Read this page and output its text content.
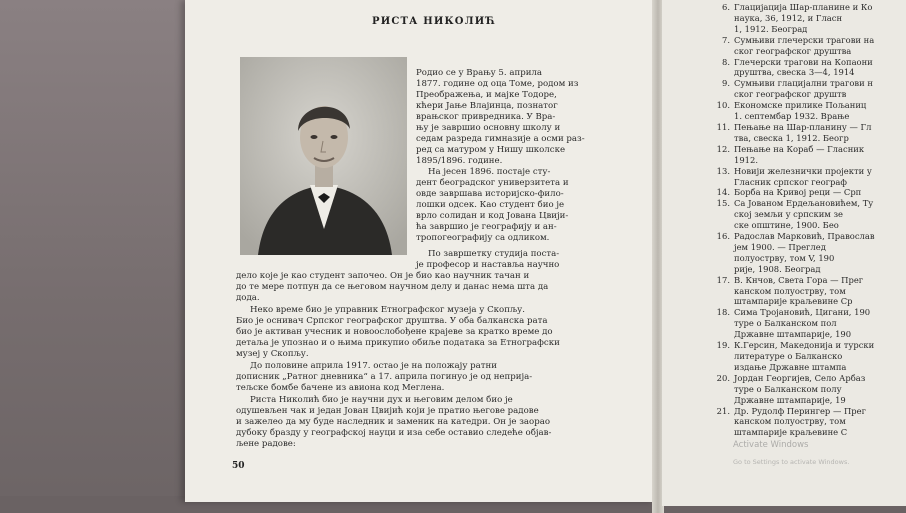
РИСТА НИКОЛИЋ
Родио се у Врању 5. априла
1877. године од оца Томе, родом из
Преображења, и мајке Тодоре,
кћери Јање Влајинца, познатог
врањског привредника. У Вра-
њу је завршио основну школу и
седам разреда гимназије а осми раз-
ред са матуром у Нишу школске
1895/1896. године.
На јесен 1896. постаје сту-
дент београдског универзитета и
овде завршава историјско-фило-
лошки одсек. Као студент био је
врло солидан и код Јована Цвији-
ћа завршио је географију и ан-
тропогеографију са одликом.
По завршетку студија поста-
је професор и наставља научно
дело које је као студент започео. Он је био као научник тачан и
до те мере потпун да се његовом научном делу и данас нема шта да
дода.
Неко време био је управник Етнографског музеја у Скопљу.
Био је оснивач Српског географског друштва. У оба балканска рата
био је активан учесник и новоослобођене крајеве за кратко време до
детаља је упознао и о њима прикупио обиље података за Етнографски
музеј у Скопљу.
До половине априла 1917. остао је на положају ратни
дописник „Ратног дневника“ а 17. априла погинуо је од неприја-
тељске бомбе бачене из авиона код Меглена.
Риста Николић био је научни дух и његовим делом био је
одушевљен чак и један Јован Цвијић који је пратио његове радове
и зажелео да му буде наследник и заменик на катедри. Он је заорао
дубоку бразду у географској науци и иза себе оставио следеће објав-
љене радове:
50
6. Глацијација Шар-планине и Ко
наука, 36, 1912, и Гласн
1, 1912. Београд
7. Сумњиви глечерски трагови на
ског географског друштва
8. Глечерски трагови на Копаони
друштва, свеска 3—4, 1914
9. Сумњиви глацијални трагови н
ског географског друштв
10. Економске прилике Пољаниц
1. септембар 1932. Врање
11. Пењање на Шар-планину — Гл
тва, свеска 1, 1912. Беогр
12. Пењање на Кораб — Гласник
1912.
13. Новији железнички пројекти у
Гласник српског географ
14. Борба на Кривој реци — Срп
15. Са Јованом Ердељановићем, Ту
ској земљи у српским зе
ске општине, 1900. Бео
16. Радослав Марковић, Православ
јем 1900. — Преглед
полуострву, том V, 190
рије, 1908. Београд
17. В. Кнчов, Света Гора — Прег
канском полуострву, том
штампарије краљевине Ср
18. Сима Тројановић, Цигани, 190
туре о Балканском пол
Државне штампарије, 190
19. К.Герсин, Македонија и турски
литературе о Балканско
издање Државне штампа
20. Јордан Георгијев, Село Арбаз
туре о Балканском полу
Државне штампарије, 19
21. Др. Рудолф Перингер — Прег
канском полуострву, том
штампарије краљевине С
Activate Windows
Go to Settings to activate Windows.
